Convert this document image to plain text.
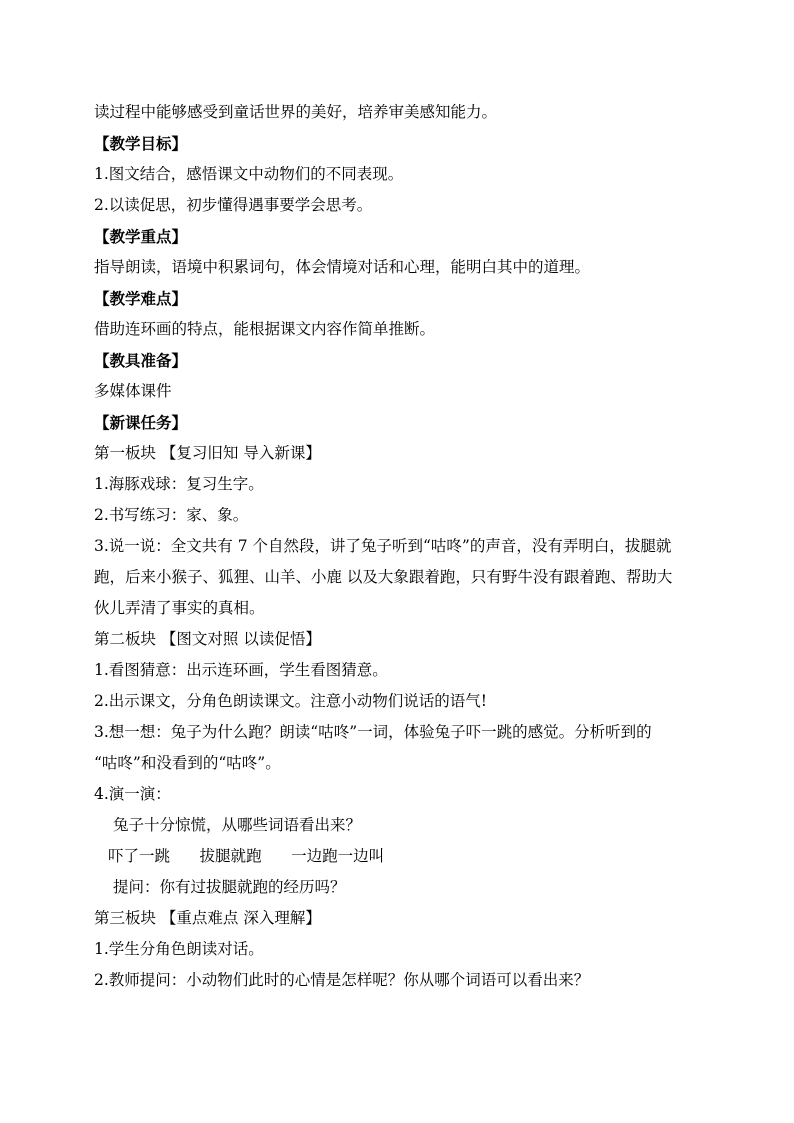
读过程中能够感受到童话世界的美好，培养审美感知能力。
【教学目标】
1.图文结合，感悟课文中动物们的不同表现。
2.以读促思，初步懂得遇事要学会思考。
【教学重点】
指导朗读，语境中积累词句，体会情境对话和心理，能明白其中的道理。
【教学难点】
借助连环画的特点，能根据课文内容作简单推断。
【教具准备】
多媒体课件
【新课任务】
第一板块 【复习旧知 导入新课】
1.海豚戏球：复习生字。
2.书写练习：家、象。
3.说一说：全文共有 7 个自然段，讲了兔子听到“咕咚”的声音，没有弄明白，拔腿就
跑，后来小猴子、狐狸、山羊、小鹿 以及大象跟着跑，只有野牛没有跟着跑、帮助大
伙儿弄清了事实的真相。
第二板块 【图文对照 以读促悟】
1.看图猜意：出示连环画，学生看图猜意。
2.出示课文，分角色朗读课文。注意小动物们说话的语气!
3.想一想：兔子为什么跑？朗读“咕咚”一词，体验兔子吓一跳的感觉。分析听到的
“咕咚”和没看到的“咕咚”。
4.演一演：
兔子十分惊慌，从哪些词语看出来？
吓了一跳      拔腿就跑      一边跑一边叫
提问：你有过拔腿就跑的经历吗？
第三板块 【重点难点 深入理解】
1.学生分角色朗读对话。
2.教师提问：小动物们此时的心情是怎样呢？你从哪个词语可以看出来？
